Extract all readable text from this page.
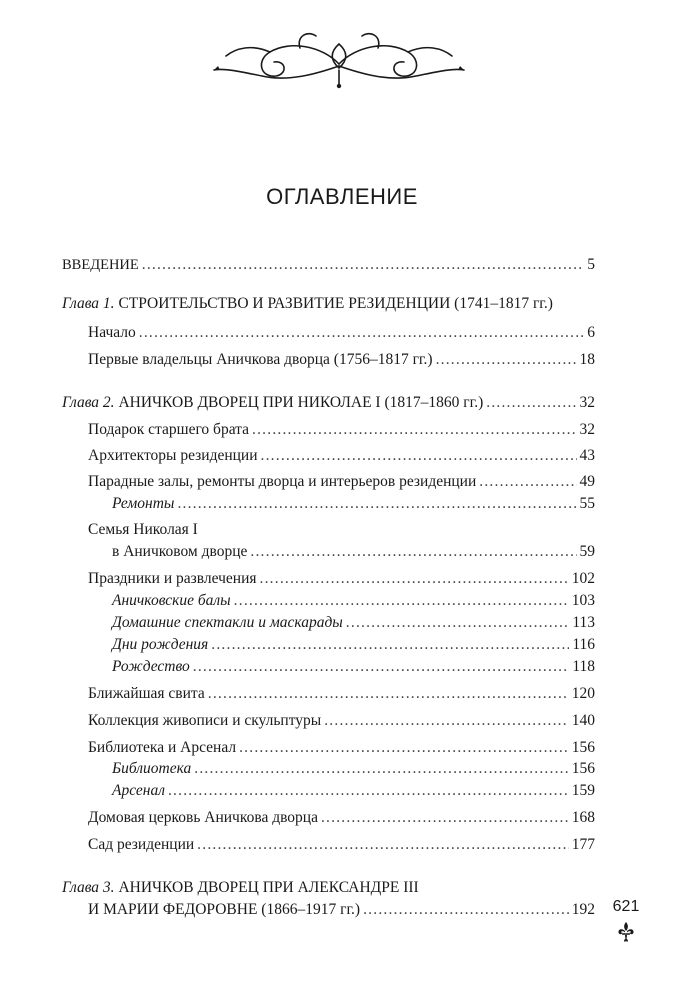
ОГЛАВЛЕНИЕ
ВВЕДЕНИЕ .....	5
Глава 1. СТРОИТЕЛЬСТВО И РАЗВИТИЕ РЕЗИДЕНЦИИ (1741–1817 гг.)
Начало .....	6
Первые владельцы Аничкова дворца (1756–1817 гг.) .....	18
Глава 2. АНИЧКОВ ДВОРЕЦ ПРИ НИКОЛАЕ I (1817–1860 гг.) .....	32
Подарок старшего брата .....	32
Архитекторы резиденции .....	43
Парадные залы, ремонты дворца и интерьеров резиденции .....	49
Ремонты .....	55
Семья Николая I
в Аничковом дворце .....	59
Праздники и развлечения .....	102
Аничковские балы .....	103
Домашние спектакли и маскарады .....	113
Дни рождения .....	116
Рождество .....	118
Ближайшая свита .....	120
Коллекция живописи и скульптуры .....	140
Библиотека и Арсенал .....	156
Библиотека .....	156
Арсенал .....	159
Домовая церковь Аничкова дворца .....	168
Сад резиденции .....	177
Глава 3. АНИЧКОВ ДВОРЕЦ ПРИ АЛЕКСАНДРЕ III
И МАРИИ ФЕДОРОВНЕ (1866–1917 гг.) .....	192	621
